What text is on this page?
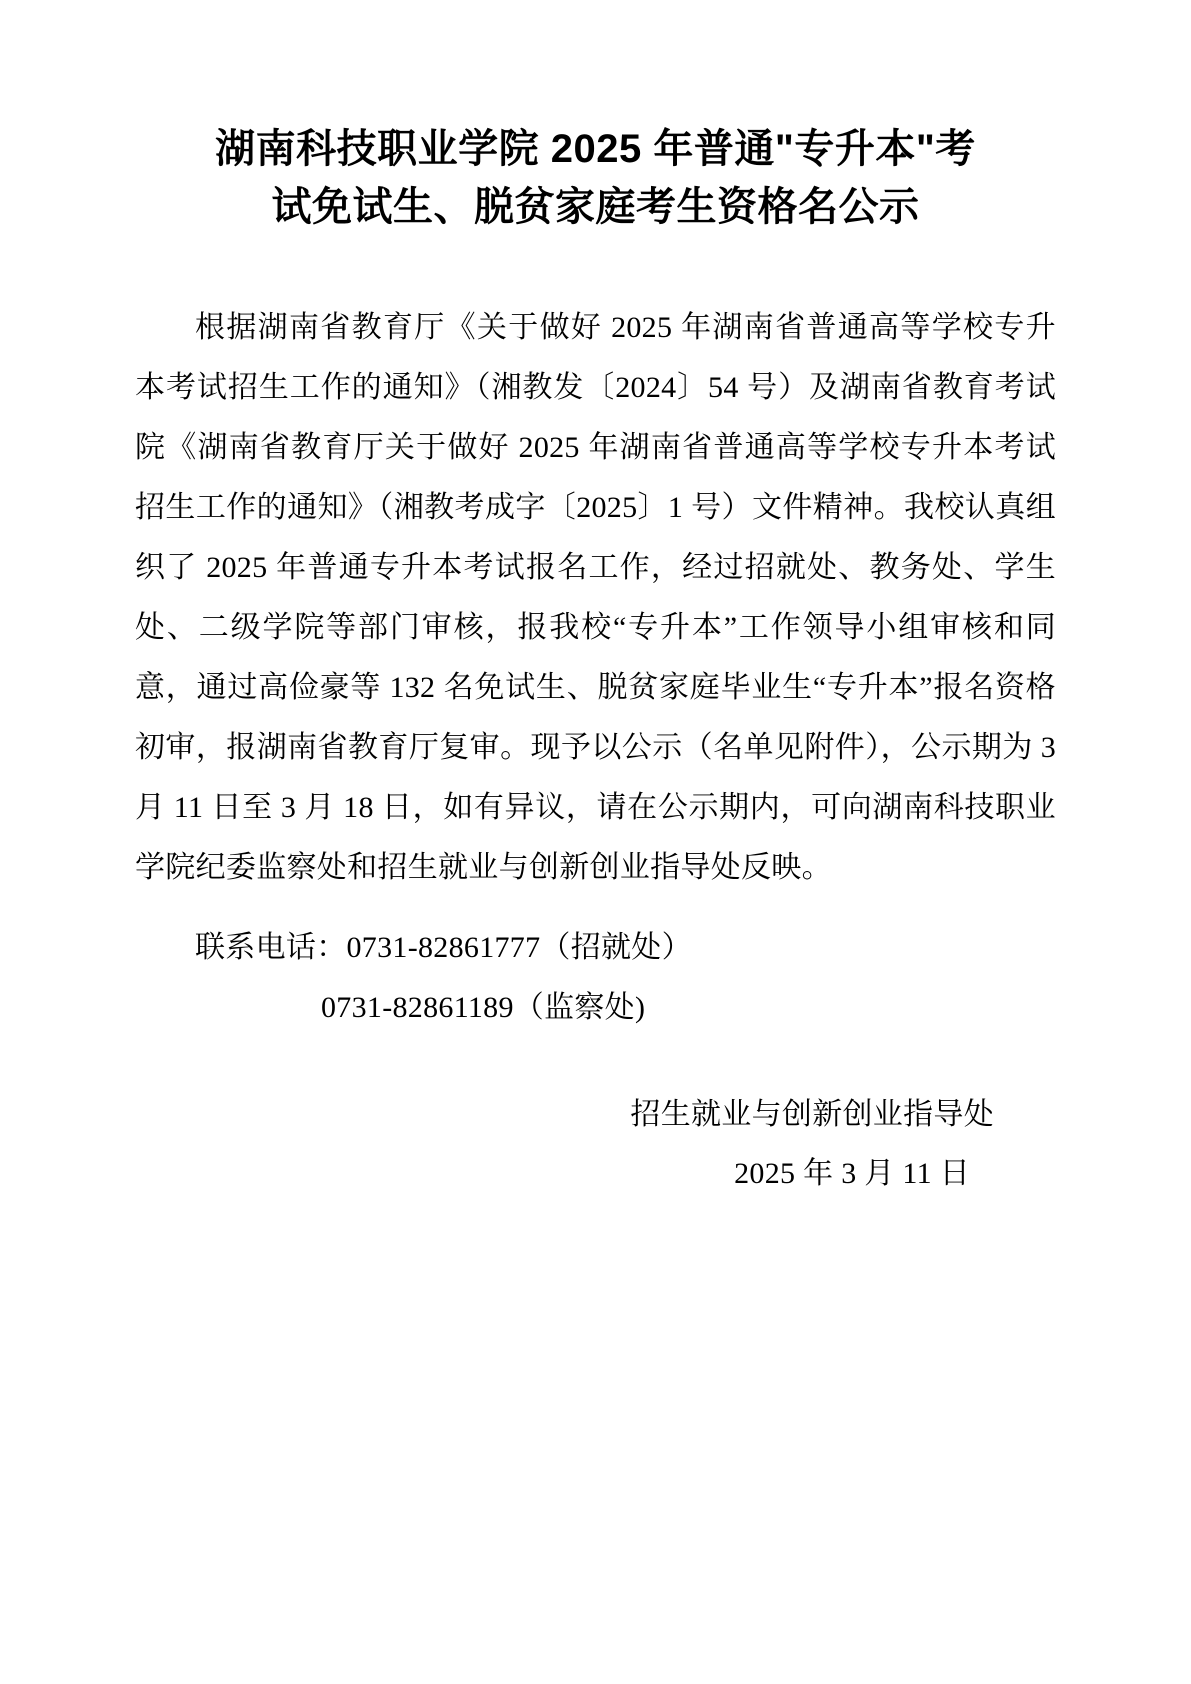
湖南科技职业学院 2025 年普通"专升本"考试免试生、脱贫家庭考生资格名公示

根据湖南省教育厅《关于做好 2025 年湖南省普通高等学校专升本考试招生工作的通知》（湘教发〔2024〕54 号）及湖南省教育考试院《湖南省教育厅关于做好 2025 年湖南省普通高等学校专升本考试招生工作的通知》（湘教考成字〔2025〕1 号）文件精神。我校认真组织了 2025 年普通专升本考试报名工作，经过招就处、教务处、学生处、二级学院等部门审核，报我校“专升本”工作领导小组审核和同意，通过高俭豪等 132 名免试生、脱贫家庭毕业生“专升本”报名资格初审，报湖南省教育厅复审。现予以公示（名单见附件），公示期为 3 月 11 日至 3 月 18 日，如有异议，请在公示期内，可向湖南科技职业学院纪委监察处和招生就业与创新创业指导处反映。

联系电话：0731-82861777（招就处）

0731-82861189（监察处)

招生就业与创新创业指导处

2025 年 3 月 11 日
